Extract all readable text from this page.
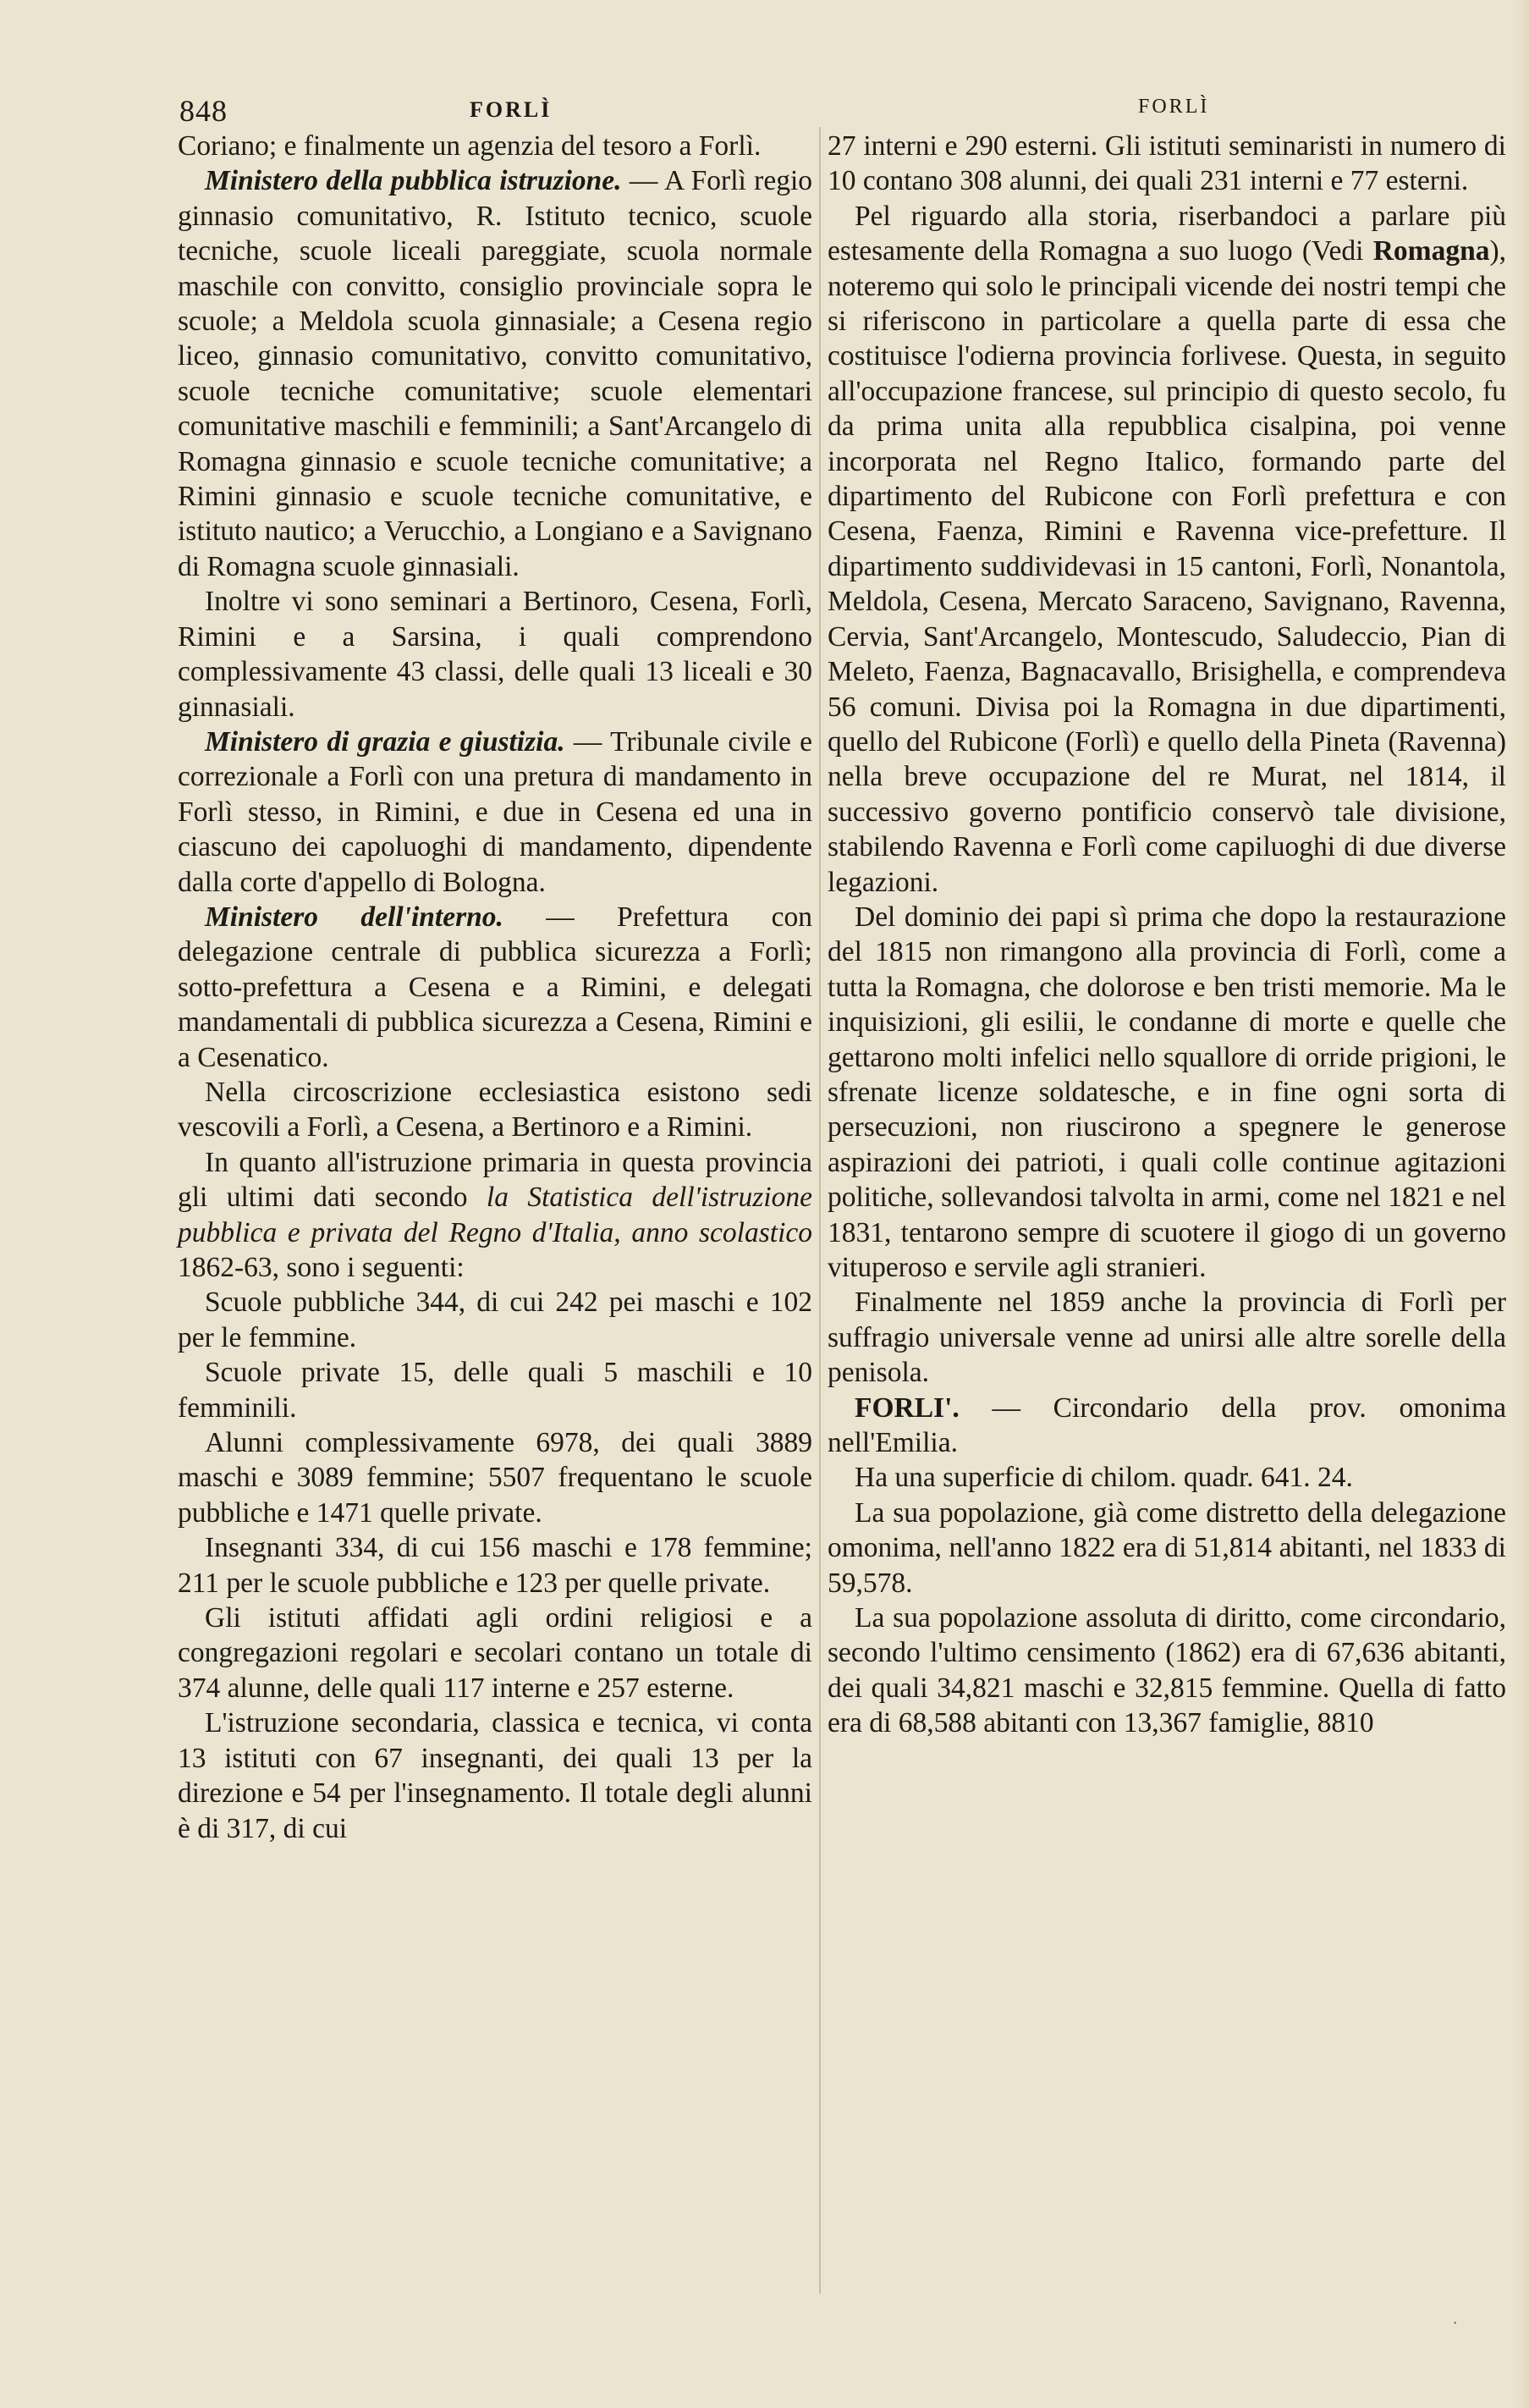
848	FORLÌ	FORLÌ

Coriano; e finalmente un agenzia del tesoro a Forlì.

Ministero della pubblica istruzione. — A Forlì regio ginnasio comunitativo, R. Istituto tecnico, scuole tecniche, scuole liceali pareggiate, scuola normale maschile con convitto, consiglio provinciale sopra le scuole; a Meldola scuola ginnasiale; a Cesena regio liceo, ginnasio comunitativo, convitto comunitativo, scuole tecniche comunitative; scuole elementari comunitative maschili e femminili; a Sant'Arcangelo di Romagna ginnasio e scuole tecniche comunitative; a Rimini ginnasio e scuole tecniche comunitative, e istituto nautico; a Verucchio, a Longiano e a Savignano di Romagna scuole ginnasiali.

Inoltre vi sono seminari a Bertinoro, Cesena, Forlì, Rimini e a Sarsina, i quali comprendono complessivamente 43 classi, delle quali 13 liceali e 30 ginnasiali.

Ministero di grazia e giustizia. — Tribunale civile e correzionale a Forlì con una pretura di mandamento in Forlì stesso, in Rimini, e due in Cesena ed una in ciascuno dei capoluoghi di mandamento, dipendente dalla corte d'appello di Bologna.

Ministero dell'interno. — Prefettura con delegazione centrale di pubblica sicurezza a Forlì; sotto-prefettura a Cesena e a Rimini, e delegati mandamentali di pubblica sicurezza a Cesena, Rimini e a Cesenatico.

Nella circoscrizione ecclesiastica esistono sedi vescovili a Forlì, a Cesena, a Bertinoro e a Rimini.

In quanto all'istruzione primaria in questa provincia gli ultimi dati secondo la Statistica dell'istruzione pubblica e privata del Regno d'Italia, anno scolastico 1862-63, sono i seguenti:

Scuole pubbliche 344, di cui 242 pei maschi e 102 per le femmine.

Scuole private 15, delle quali 5 maschili e 10 femminili.

Alunni complessivamente 6978, dei quali 3889 maschi e 3089 femmine; 5507 frequentano le scuole pubbliche e 1471 quelle private.

Insegnanti 334, di cui 156 maschi e 178 femmine; 211 per le scuole pubbliche e 123 per quelle private.

Gli istituti affidati agli ordini religiosi e a congregazioni regolari e secolari contano un totale di 374 alunne, delle quali 117 interne e 257 esterne.

L'istruzione secondaria, classica e tecnica, vi conta 13 istituti con 67 insegnanti, dei quali 13 per la direzione e 54 per l'insegnamento. Il totale degli alunni è di 317, di cui

27 interni e 290 esterni. Gli istituti seminaristi in numero di 10 contano 308 alunni, dei quali 231 interni e 77 esterni.

Pel riguardo alla storia, riserbandoci a parlare più estesamente della Romagna a suo luogo (Vedi Romagna), noteremo qui solo le principali vicende dei nostri tempi che si riferiscono in particolare a quella parte di essa che costituisce l'odierna provincia forlivese. Questa, in seguito all'occupazione francese, sul principio di questo secolo, fu da prima unita alla repubblica cisalpina, poi venne incorporata nel Regno Italico, formando parte del dipartimento del Rubicone con Forlì prefettura e con Cesena, Faenza, Rimini e Ravenna vice-prefetture. Il dipartimento suddividevasi in 15 cantoni, Forlì, Nonantola, Meldola, Cesena, Mercato Saraceno, Savignano, Ravenna, Cervia, Sant'Arcangelo, Montescudo, Saludeccio, Pian di Meleto, Faenza, Bagnacavallo, Brisighella, e comprendeva 56 comuni. Divisa poi la Romagna in due dipartimenti, quello del Rubicone (Forlì) e quello della Pineta (Ravenna) nella breve occupazione del re Murat, nel 1814, il successivo governo pontificio conservò tale divisione, stabilendo Ravenna e Forlì come capiluoghi di due diverse legazioni.

Del dominio dei papi sì prima che dopo la restaurazione del 1815 non rimangono alla provincia di Forlì, come a tutta la Romagna, che dolorose e ben tristi memorie. Ma le inquisizioni, gli esilii, le condanne di morte e quelle che gettarono molti infelici nello squallore di orride prigioni, le sfrenate licenze soldatesche, e in fine ogni sorta di persecuzioni, non riuscirono a spegnere le generose aspirazioni dei patrioti, i quali colle continue agitazioni politiche, sollevandosi talvolta in armi, come nel 1821 e nel 1831, tentarono sempre di scuotere il giogo di un governo vituperoso e servile agli stranieri.

Finalmente nel 1859 anche la provincia di Forlì per suffragio universale venne ad unirsi alle altre sorelle della penisola.

FORLI'. — Circondario della prov. omonima nell'Emilia.

Ha una superficie di chilom. quadr. 641. 24.

La sua popolazione, già come distretto della delegazione omonima, nell'anno 1822 era di 51,814 abitanti, nel 1833 di 59,578.

La sua popolazione assoluta di diritto, come circondario, secondo l'ultimo censimento (1862) era di 67,636 abitanti, dei quali 34,821 maschi e 32,815 femmine. Quella di fatto era di 68,588 abitanti con 13,367 famiglie, 8810

˙
